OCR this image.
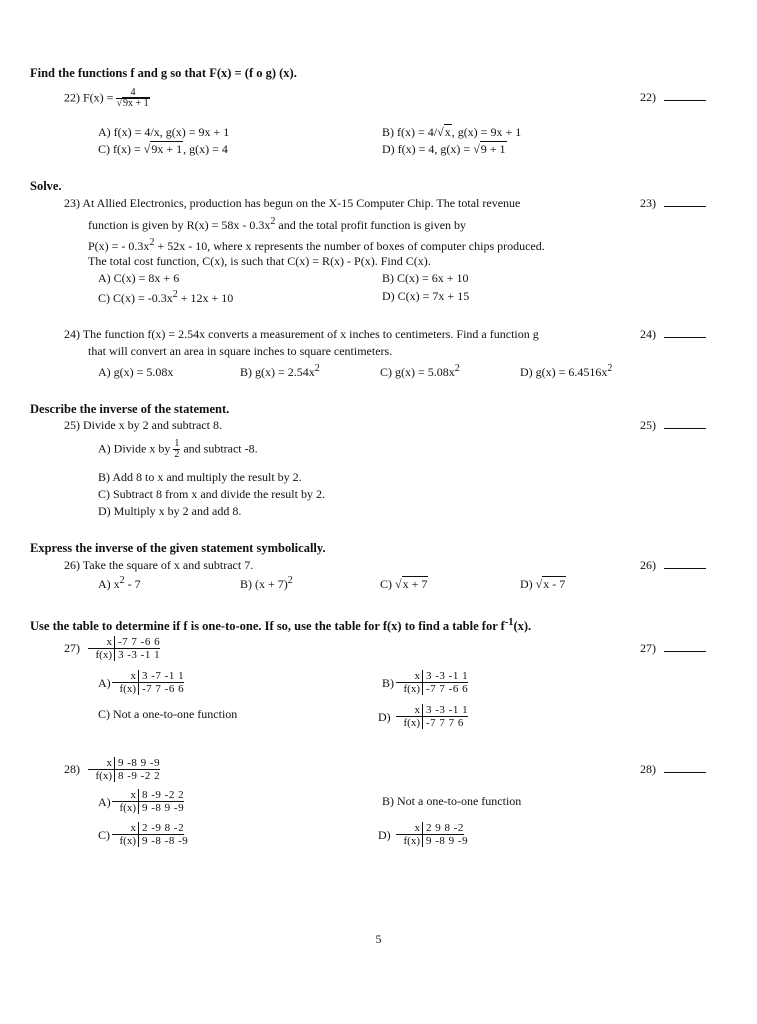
Find the functions f and g so that F(x) = (f o g) (x).
22) $F(x) = \frac{4}{√9x + 1}$	22)
A) f(x) = 4/x, g(x) = 9x + 1	B) f(x) = 4/√x, g(x) = 9x + 1
C) f(x) = √9x + 1, g(x) = 4	D) f(x) = 4, g(x) = √9 + 1
Solve.
23) At Allied Electronics, production has begun on the X-15 Computer Chip. The total revenue	23)
function is given by $R(x) = 58x - 0.3x^2$ and the total profit function is given by
P(x) = - $0.3x^2 + 52x - 10$, where x represents the number of boxes of computer chips produced.
The total cost function, C(x), is such that C(x) = R(x) - P(x). Find C(x).
A) C(x) = 8x + 6	B) C(x) = 6x + 10
C) $C(x) = -0.3x^2 + 12x + 10$	D) C(x) = 7x + 15
24) The function f(x) = 2.54x converts a measurement of x inches to centimeters. Find a function g	24)
that will convert an area in square inches to square centimeters.
A) g(x) = 5.08x	B) $g(x) = 2.54x^2$	C) $g(x) = 5.08x^2$	D) $g(x) = 6.4516x^2$
Describe the inverse of the statement.
25) Divide x by 2 and subtract 8.	25)
A) Divide x by $\frac{1}{2}$ and subtract -8.
B) Add 8 to x and multiply the result by 2.
C) Subtract 8 from x and divide the result by 2.
D) Multiply x by 2 and add 8.
Express the inverse of the given statement symbolically.
26) Take the square of x and subtract 7.	26)
A) $x^2 - 7$	B) $(x + 7)^2$	C) √x + 7	D) √x - 7
Use the table to determine if f is one-to-one. If so, use the table for f(x) to find a table for $f^{-1}(x)$.
27)	27)
x -7 7 -6 6
f(x) 3 -3 -1 1
A)	x 3 -7 -1 1
f(x) -7 7 -6 6	B)	x 3 -3 -1 1
f(x) -7 7 -6 6
C) Not a one-to-one function	D)	x 3 -3 -1 1
f(x) -7 7 7 6
28)	28)
x 9 -8 9 -9
f(x) 8 -9 -2 2
A)	x 8 -9 -2 2
f(x) 9 -8 9 -9	B) Not a one-to-one function
C)	x 2 -9 8 -2
f(x) 9 -8 -8 -9	D)	x 2 9 8 -2
f(x) 9 -8 9 -9
5
